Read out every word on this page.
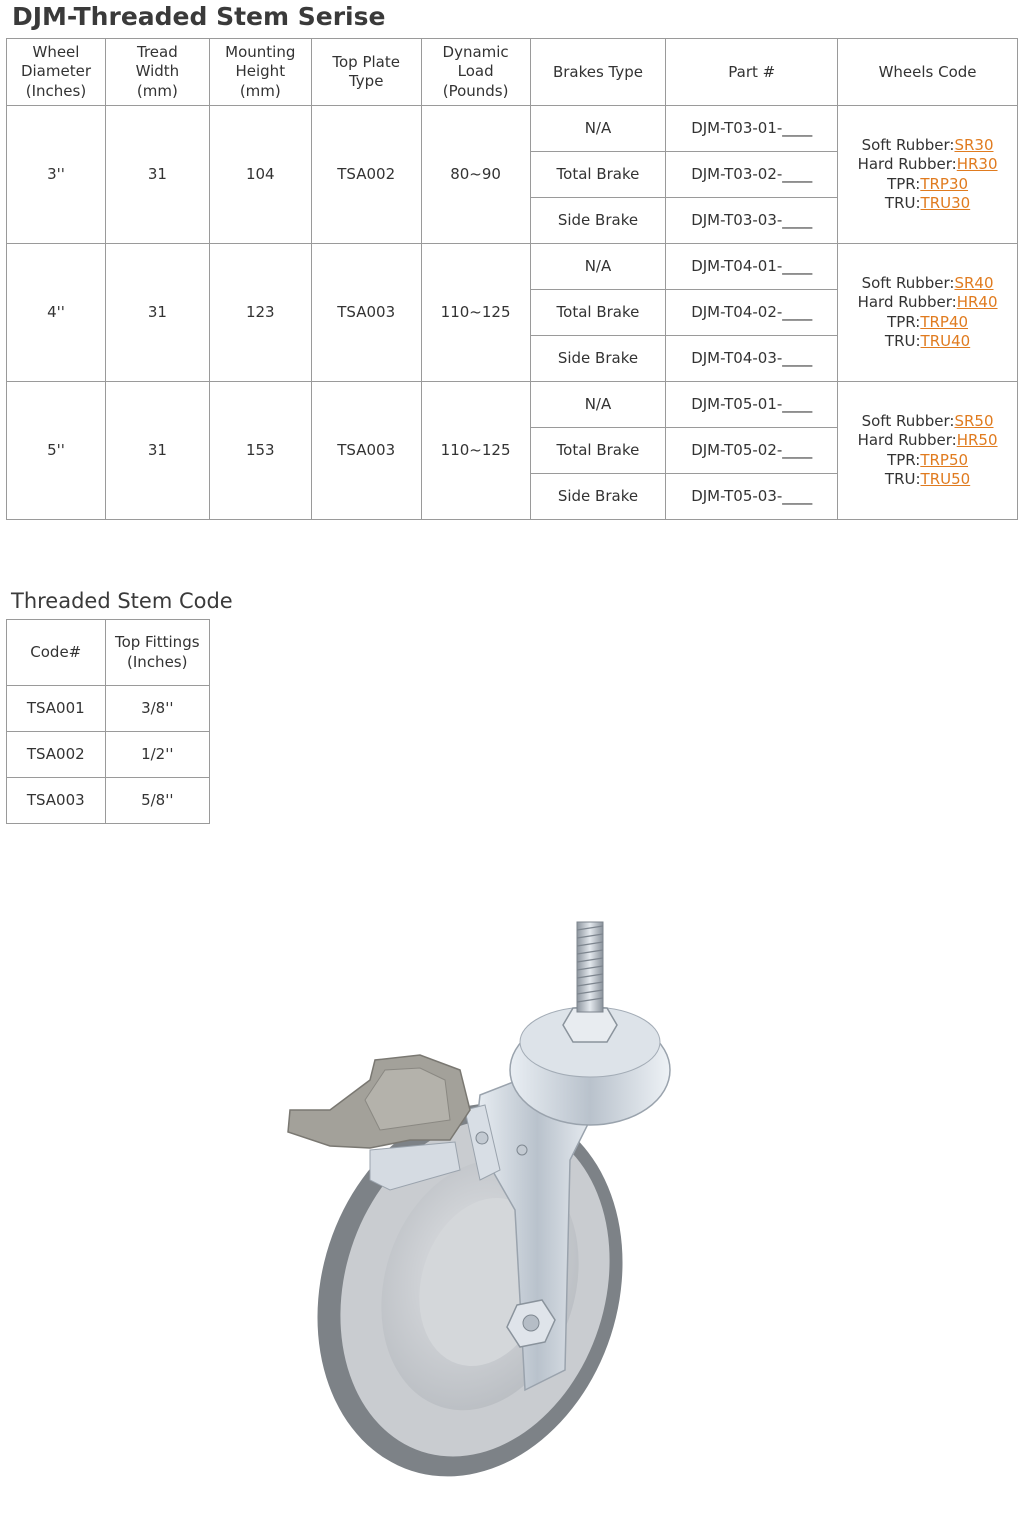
DJM-Threaded Stem Serise
Wheel
Diameter
(Inches)	Tread
Width
(mm)	Mounting
Height
(mm)	Top Plate
Type	Dynamic
Load
(Pounds)	Brakes Type	Part #	Wheels Code
3''	31	104	TSA002	80~90	N/A	DJM-T03-01-____	Soft Rubber:SR30
Hard Rubber:HR30
TPR:TRP30
TRU:TRU30

					Total Brake	DJM-T03-02-____	
					Side Brake	DJM-T03-03-____	
4''	31	123	TSA003	110~125	N/A	DJM-T04-01-____	Soft Rubber:SR40
Hard Rubber:HR40
TPR:TRP40
TRU:TRU40

					Total Brake	DJM-T04-02-____	
					Side Brake	DJM-T04-03-____	
5''	31	153	TSA003	110~125	N/A	DJM-T05-01-____	Soft Rubber:SR50
Hard Rubber:HR50
TPR:TRP50
TRU:TRU50

					Total Brake	DJM-T05-02-____	
					Side Brake	DJM-T05-03-____	
Threaded Stem Code
Code#	Top Fittings
(Inches)

TSA001	3/8''
TSA002	1/2''
TSA003	5/8''
